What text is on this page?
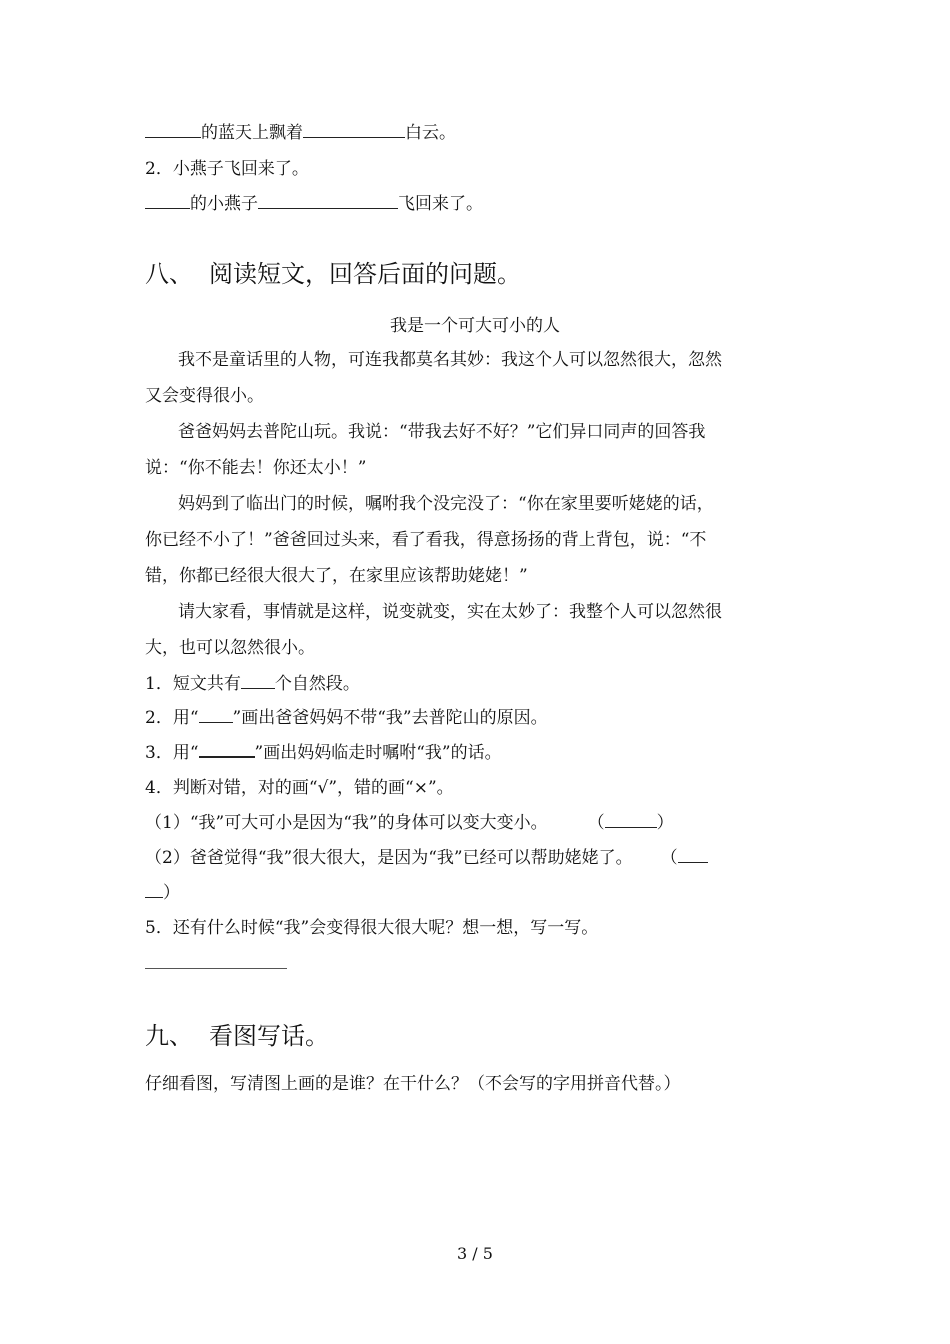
的蓝天上飘着	白云。
2．小燕子飞回来了。
的小燕子	飞回来了。
八、 阅读短文，回答后面的问题。
我是一个可大可小的人
我不是童话里的人物，可连我都莫名其妙：我这个人可以忽然很大，忽然
又会变得很小。
爸爸妈妈去普陀山玩。我说：“带我去好不好？”它们异口同声的回答我
说：“你不能去！你还太小！”
妈妈到了临出门的时候，嘱咐我个没完没了：“你在家里要听姥姥的话，
你已经不小了！”爸爸回过头来，看了看我，得意扬扬的背上背包，说：“不
错，你都已经很大很大了，在家里应该帮助姥姥！”
请大家看，事情就是这样，说变就变，实在太妙了：我整个人可以忽然很
大，也可以忽然很小。
1．短文共有 个自然段。
2．用“ ”画出爸爸妈妈不带“我”去普陀山的原因。
3．用“	”画出妈妈临走时嘱咐“我”的话。
4．判断对错，对的画“√”，错的画“×”。
（1）“我”可大可小是因为“我”的身体可以变大变小。 （	）
（2）爸爸觉得“我”很大很大，是因为“我”已经可以帮助姥姥了。 （
）
5．还有什么时候“我”会变得很大很大呢？想一想，写一写。
九、 看图写话。
仔细看图，写清图上画的是谁？在干什么？（不会写的字用拼音代替。）
3 / 5
